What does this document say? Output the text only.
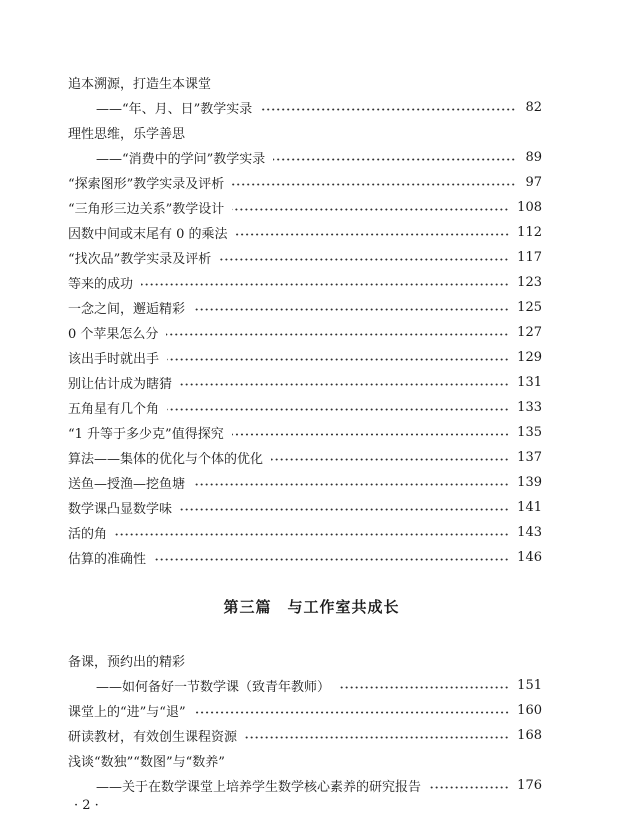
追本溯源，打造生本课堂
——“年、月、日”教学实录	82
理性思维，乐学善思
——“消费中的学问”教学实录	89
“探索图形”教学实录及评析	97
“三角形三边关系”教学设计	108
因数中间或末尾有 0 的乘法	112
“找次品”教学实录及评析	117
等来的成功	123
一念之间，邂逅精彩	125
0 个苹果怎么分	127
该出手时就出手	129
别让估计成为瞎猜	131
五角星有几个角	133
“1 升等于多少克”值得探究	135
算法——集体的优化与个体的优化	137
送鱼—授渔—挖鱼塘	139
数学课凸显数学味	141
活的角	143
估算的准确性	146
第三篇　与工作室共成长
备课，预约出的精彩
——如何备好一节数学课（致青年教师）	151
课堂上的“进”与“退”	160
研读教材，有效创生课程资源	168
浅谈“数独”“数图”与“数养”
——关于在数学课堂上培养学生数学核心素养的研究报告	176
· 2 ·
